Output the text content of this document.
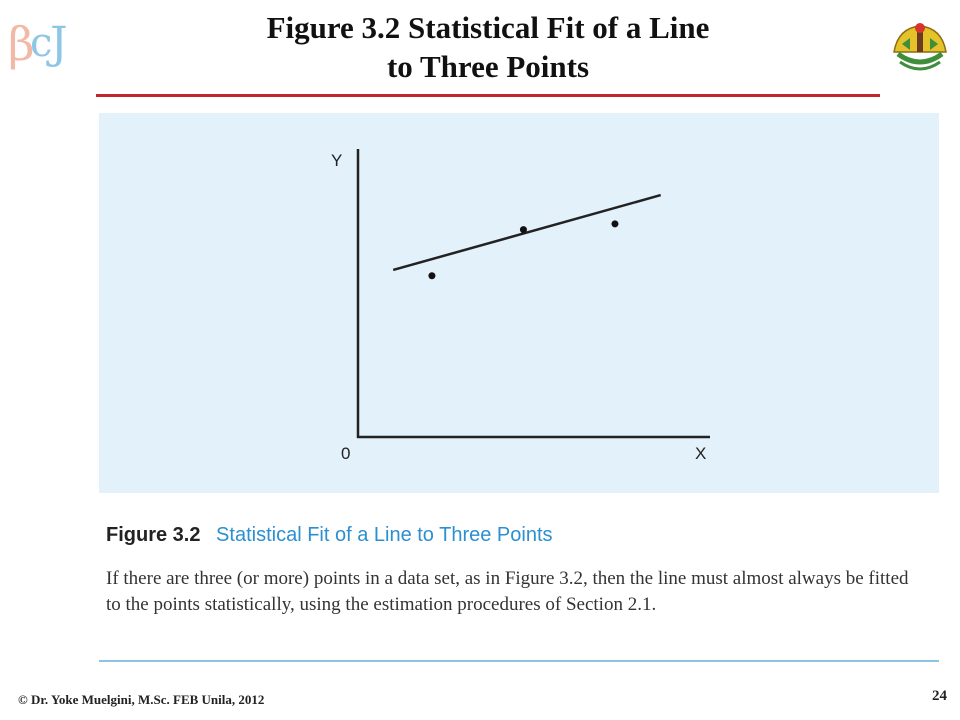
β
c
J	Figure 3.2 Statistical Fit of a Line
to Three Points
Y
X
0
Figure 3.2 Statistical Fit of a Line to Three Points
If there are three (or more) points in a data set, as in Figure 3.2, then the line must almost always be fitted to the points statistically, using the estimation procedures of Section 2.1.
© Dr. Yoke Muelgini, M.Sc. FEB Unila, 2012	24
